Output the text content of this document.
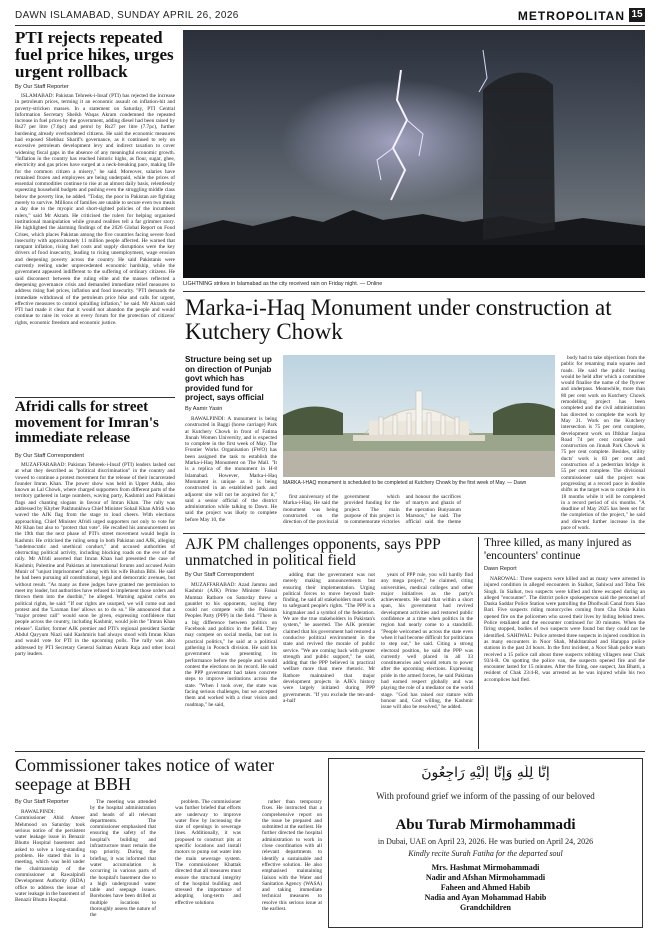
DAWN ISLAMABAD, SUNDAY APRIL 26, 2026	METROPOLITAN 15
PTI rejects repeated fuel price hikes, urges urgent rollback
By Our Staff Reporter

ISLAMABAD: Pakistan Tehreek-i-Insaf (PTI) has rejected the increase in petroleum prices, terming it an economic assault on inflation-hit and poverty-stricken masses. In a statement on Saturday, PTI Central Information Secretary Sheikh Waqas Akram condemned the repeated increase in fuel prices by the government, adding diesel had been raised by Rs27 per litre (7.6pc) and petrol by Rs27 per litre (7.7pc), further burdening already overburdened citizens. He said the economic measures had exposed Shehbaz Sharif's governance, as it continued to rely on excessive petroleum development levy and indirect taxation to cover widening fiscal gaps in the absence of any meaningful economic growth. "Inflation in the country has reached historic highs, as flour, sugar, ghee, electricity and gas prices have surged at a neck-breaking pace, making life for the common citizen a misery," he said. Moreover, salaries have remained frozen and employees are being underpaid, while the prices of essential commodities continue to rise at an almost daily basis, relentlessly squeezing household budgets and pushing even the struggling middle class below the poverty line, he added. "Today, the poor in Pakistan are fighting merely to survive. Millions of families are unable to secure even two meals a day due to the myopic and short-sighted policies of the incumbent rulers," said Mr Akram. He criticised the rulers for helping organised institutional manipulation while ground realities tell a far grimmer story. He highlighted the alarming findings of the 2026 Global Report on Food Crises, which places Pakistan among the five countries facing severe food insecurity with approximately 11 million people affected. He warned that rampant inflation, rising fuel costs and supply disruptions were the key drivers of food insecurity, leading to rising unemployment, wage erosion and deepening poverty across the country. He said Pakistanis were currently reeling under unprecedented economic hardship, while the government appeared indifferent to the suffering of ordinary citizens. He said disconnect between the ruling elite and the masses reflected a deepening governance crisis and demanded immediate relief measures to address rising fuel prices, inflation and food insecurity. "PTI demands the immediate withdrawal of the petroleum price hike and calls for urgent, effective measures to control spiralling inflation," he said. Mr Akram said PTI had made it clear that it would not abandon the people and would continue to raise its voice at every forum for the protection of citizens' rights, economic freedom and economic justice.

Afridi calls for street movement for Imran's immediate release
By Our Staff Correspondent

MUZAFFARABAD: Pakistan Tehreek-i-Insaf (PTI) leaders lashed out at what they described as "political discrimination" in the country and vowed to continue a protest movement for the release of their incarcerated founder Imran Khan. The power show was held in Upper Adda, also known as Lal Chowk, where charged supporters from different parts of the territory gathered in large numbers, waving party, Kashmiri and Pakistani flags and chanting slogans in favour of Imran Khan. The rally was addressed by Khyber Pakhtunkhwa Chief Minister Sohail Khan Afridi who waved the AJK flag from the stage to loud cheers. With elections approaching, Chief Minister Afridi urged supporters not only to vote for Mr Khan but also to "protect that vote". He recalled his announcement on the 19th that the next phase of PTI's street movement would begin in Kashmir. He criticised the ruling setup in both Pakistan and AJK, alleging "undemocratic and unethical conduct," and accused authorities of obstructing political activity, including blocking roads on the eve of the rally. Mr Afridi asserted that Imran Khan had presented the case of Kashmir, Palestine and Pakistan at international forums and accused Asim Munir of "unjust imprisonment" along with his wife Bushra Bibi. He said he had been pursuing all constitutional, legal and democratic avenues, but without result. "As many as three judges have granted me permission to meet my leader, but authorities have refused to implement those orders and thrown them into the dustbin," he alleged. Warning against curbs on political rights, he said: "If our rights are usurped, we will come out and protest and the 'Laxman line' allows us to do so." He announced that a "major protest call" would soon be given, expressing confidence that people across the country, including Kashmir, would join the "Imran Khan release". Earlier, former AJK premier and PTI's regional president Sardar Abdul Qayyum Niazi said Kashmiris had always stood with Imran Khan and would vote for PTI in the upcoming polls. The rally was also addressed by PTI Secretary General Salman Akram Raja and other local party leaders.

LIGHTNING strikes in Islamabad as the city received rain on Friday night. — Online
Marka-i-Haq Monument under construction at Kutchery Chowk
Structure being set up on direction of Punjab govt which has provided fund for project, says official
By Aamir Yasin

RAWALPINDI: A monument is being constructed in Baggi (horse carriage) Park at Kutchery Chowk in front of Fatima Jinnah Women University, and is expected to complete in the first week of May. The Frontier Works Organisation (FWO) has been assigned the task to establish the Marka-i-Haq Monument on The Mall. "It is a replica of the monument in H-8 Islamabad. However, Marka-i-Haq Monument is unique as it is being constructed in an established park and adjacent site will not be acquired for it," said a senior official of the district administration while talking to Dawn. He said the project was likely to complete before May 10, the

MARKA-I-HAQ monument is scheduled to be completed at Kutchery Chowk by the first week of May. — Dawn

first anniversary of the Marka-i-Haq. He said the monument was being constructed on the direction of the provincial government which provided funding for the project. The main purpose of this project is to commemorate victories and honour the sacrifices of martyrs and ghazis of the operation Bunyanum Marsoos," he said. The official said the theme

body had to take objections from the public for renaming main squares and roads. He said the public hearing would be held after which a committee would finalise the name of the flyover and underpass. Meanwhile, more than 80 per cent work on Kutchery Chowk remodelling project has been completed and the civil administration has directed to complete the work by May 31. Work on the Kutchery intersection is 75 per cent complete, development work on Iftikhar Janjua Road 74 per cent complete and construction on Jinnah Park Chowk is 75 per cent complete. Besides, utility ducts' work is 83 per cent and construction of a pedestrian bridge is 55 per cent complete. The divisional commissioner said the project was progressing at a record pace in double shifts as the target was to complete it in 18 months while it will be completed in a record period of six months. "A deadline of May 2025 has been set for the completion of the project," he said and directed further increase in the pace of work.

AJK PM challenges opponents, says PPP unmatched in political field
By Our Staff Correspondent

MUZAFFARABAD: Azad Jammu and Kashmir (AJK) Prime Minister Faisal Mumtaz Rathore on Saturday threw a gauntlet to his opponents, saying they could not compete with the Pakistan Peoples Party (PPP) in the field. "There is a big difference between politics on Facebook and politics in the field. They may compete on social media, but not in practical politics," he said at a political gathering in Poonch division. He said his government was presenting its performance before the people and would contest the elections on its record. He said the PPP government had taken concrete steps to improve institutions across the state. "When I took over, the state was facing serious challenges, but we accepted them and worked with a clear vision and roadmap," he said,

adding that the government was not merely making announcements but ensuring their implementation. Urging political forces to move beyond fault-finding, he said all stakeholders must work to safeguard people's rights. "The PPP is a kingmaker and a symbol of the federation. We are the true stakeholders in Pakistan's system," he asserted. The AJK premier claimed that his government had restored a conducive political environment in the state and revived the morale of public service. "We are coming back with greater strength and public support," he said, adding that the PPP believed in practical welfare more than mere rhetoric. Mr Rathore maintained that major development projects in AJK's history were largely initiated during PPP governments. "If you exclude the ten-and-a-half

years of PPP rule, you will hardly find any mega project," he claimed, citing universities, medical colleges and other major initiatives as the party's achievements. He said that within a short span, his government had revived development activities and restored public confidence at a time when politics in the region had nearly come to a standstill. "People welcomed us across the state even when it had become difficult for politicians to step out," he said. Citing a strong electoral position, he said the PPP was currently well placed in all 33 constituencies and would return to power after the upcoming elections. Expressing pride in the armed forces, he said Pakistan had earned respect globally and was playing the role of a mediator on the world stage. "God has raised our stature with honour and, God willing, the Kashmir issue will also be resolved," he added.

Three killed, as many injured as 'encounters' continue
Dawn Report

NAROWAL: Three suspects were killed and as many were arrested in injured condition in alleged encounters in Sialkot, Sahiwal and Toba Tek Singh. In Sialkot, two suspects were killed and three escaped during an alleged "encounter". The district police spokesperson said the personnel of Daska Saddar Police Station were patrolling the Dhollwali Canal from Siao Bari. Five suspects riding motorcycles coming from Cha Dola Kalan opened fire on the policemen who saved their lives by hiding behind trees. Police retaliated and the encounter continued for 30 minutes. When the firing stopped, bodies of two suspects were found but they could not be identified. SAHIWAL: Police arrested three suspects in injured condition in as many encounters in Noor Shah, Mukhtarabad and Harappa police stations in the past 24 hours. In the first incident, a Noor Shah police team received a 15 police call about three suspects robbing villagers near Chak 93/4-R. On spotting the police van, the suspects opened fire and the encounter lasted for 15 minutes. After the firing, one suspect, Jan Bhatti, a resident of Chak 23/4-R, was arrested as he was injured while his two accomplices had fled.

Commissioner takes notice of water seepage at BBH
By Our Staff Reporter

RAWALPINDI: Commissioner Abid Ameer Mehmood on Saturday took serious notice of the persistent water leakage issue in Benazir Bhutto Hospital basement and asked to solve a long-standing problem. He stated this in a meeting, which was held under the chairmanship of the commissioner at Rawalpindi Development Authority (RDA) office to address the issue of water leakage in the basement of Benazir Bhutto Hospital.

The meeting was attended by the hospital administration and heads of all relevant departments. The commissioner emphasised that ensuring the safety of the hospital's building and infrastructure must remain the top priority. During the briefing, it was informed that water accumulation is occurring in various parts of the hospital's basement due to a high underground water table and seepage issues. Boreholes have been drilled at multiple locations to thoroughly assess the nature of the

problem. The commissioner was further briefed that efforts are underway to improve water flow by increasing the size of openings in sewerage lines. Additionally, it was proposed to construct pits at specific locations and install motors to pump out water into the main sewerage system. The commissioner Khattak directed that all measures must ensure the structural integrity of the hospital building and stressed the importance of adopting long-term and effective solutions

rather than temporary fixes. He instructed that a comprehensive report on the issue be prepared and submitted at the earliest. He further directed the hospital administration to work in close coordination with all relevant departments to identify a sustainable and effective solution. He also emphasised maintaining liaison with the Water and Sanitation Agency (WASA) and taking immediate technical measures to resolve this serious issue at the earliest.

إِنَّا لِلَّٰهِ وَإِنَّا إِلَيْهِ رَاجِعُونَ
With profound grief we inform of the passing of our beloved
Abu Turab Mirmohammadi
in Dubai, UAE on April 23, 2026. He was buried on April 24, 2026
Kindly recite Surah Fatiha for the departed soul
Mrs. Hashmat Mirmohammadi
Nadir and Afshan Mirmohammadi
Faheen and Ahmed Habib
Nadia and Ayan Mohammad Habib
Grandchildren
